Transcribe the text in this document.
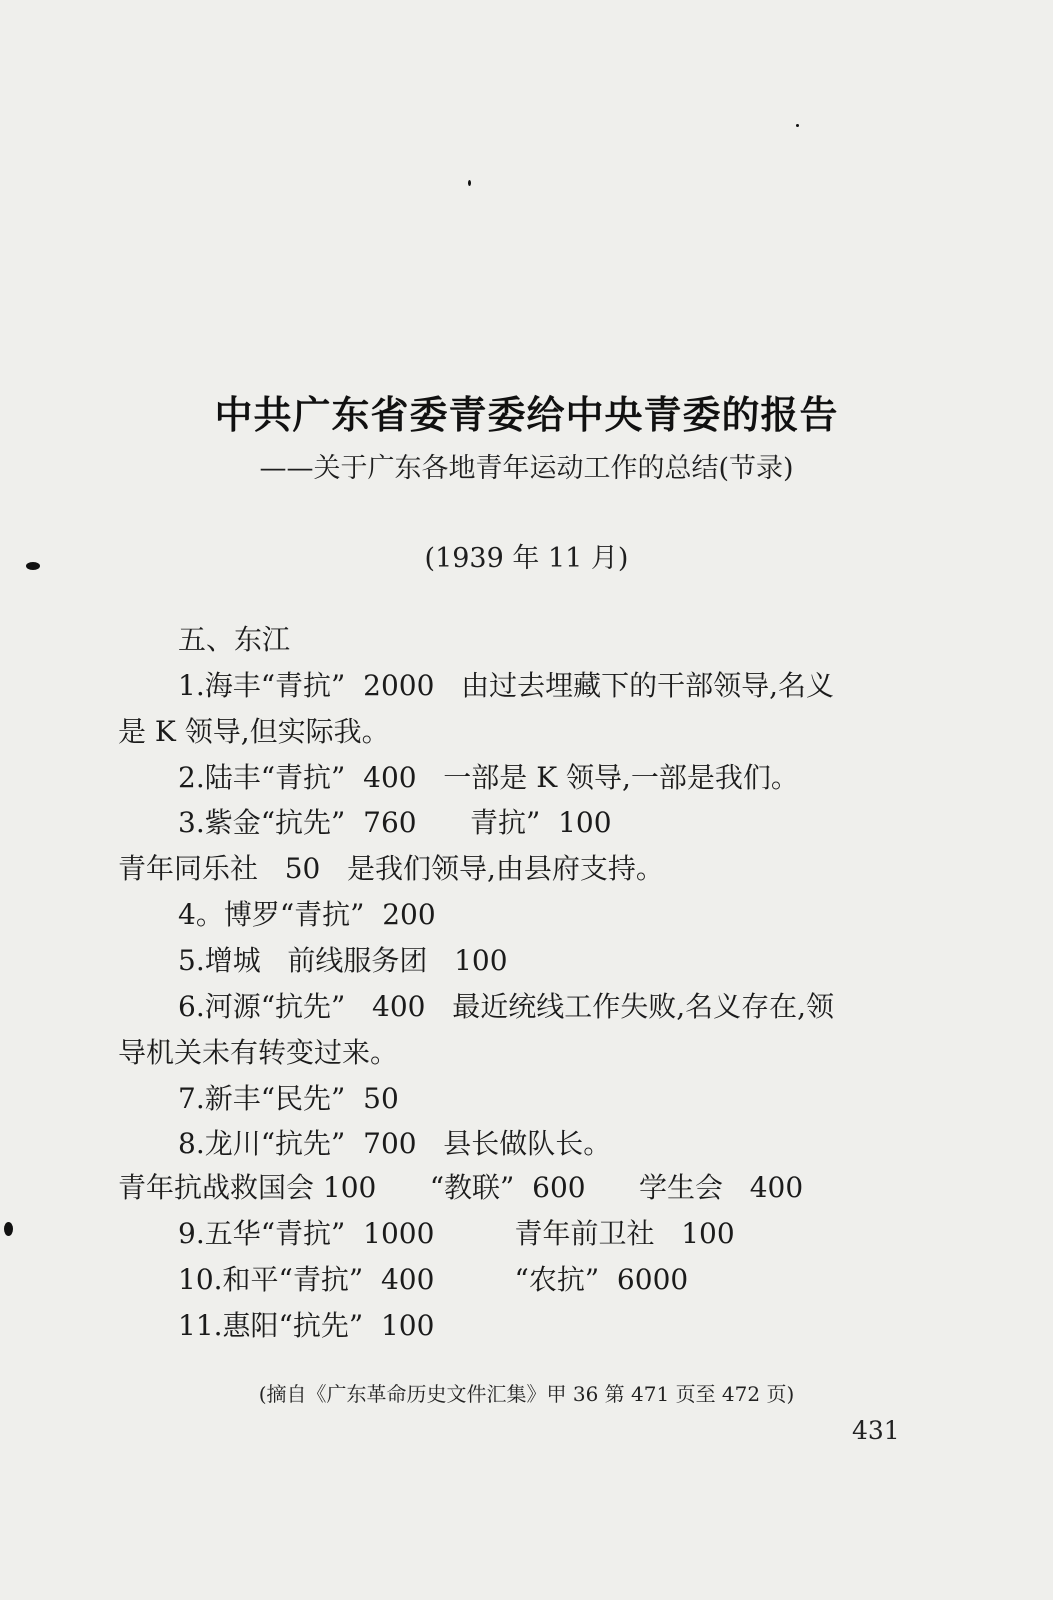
中共广东省委青委给中央青委的报告
——关于广东各地青年运动工作的总结(节录)
(1939 年 11 月)
五、东江
1.海丰“青抗”  2000   由过去埋藏下的干部领导,名义
是 K 领导,但实际我。
2.陆丰“青抗”  400   一部是 K 领导,一部是我们。
3.紫金“抗先”  760      青抗”  100
青年同乐社   50   是我们领导,由县府支持。
4。博罗“青抗”  200
5.增城   前线服务团   100
6.河源“抗先”   400   最近统线工作失败,名义存在,领
导机关未有转变过来。
7.新丰“民先”  50
8.龙川“抗先”  700   县长做队长。
青年抗战救国会 100      “教联”  600      学生会   400
9.五华“青抗”  1000         青年前卫社   100
10.和平“青抗”  400         “农抗”  6000
11.惠阳“抗先”  100
(摘自《广东革命历史文件汇集》甲 36 第 471 页至 472 页)
431
